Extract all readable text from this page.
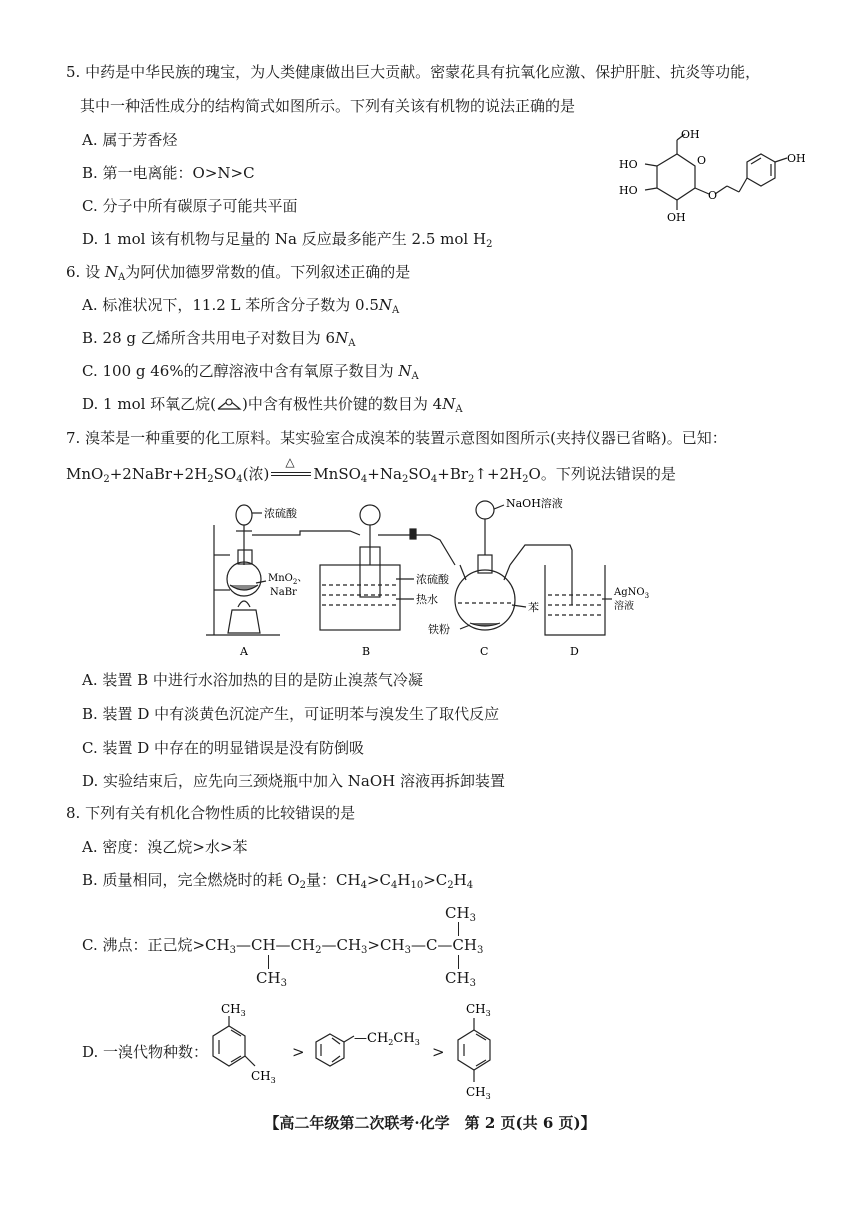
5. 中药是中华民族的瑰宝，为人类健康做出巨大贡献。密蒙花具有抗氧化应激、保护肝脏、抗炎等功能，
其中一种活性成分的结构简式如图所示。下列有关该有机物的说法正确的是
A. 属于芳香烃
B. 第一电离能：O>N>C
C. 分子中所有碳原子可能共平面
D. 1 mol 该有机物与足量的 Na 反应最多能产生 2.5 mol $H_2$
OH
HO
HO
OH
O
O
OH
6. 设 $N_A$为阿伏加德罗常数的值。下列叙述正确的是
A. 标准状况下，11.2 L 苯所含分子数为 $0.5N_A$
B. 28 g 乙烯所含共用电子对数目为 $6N_A$
C. 100 g 46%的乙醇溶液中含有氧原子数目为 $N_A$
D. 1 mol 环氧乙烷( )中含有极性共价键的数目为 $4N_A$
7. 溴苯是一种重要的化工原料。某实验室合成溴苯的装置示意图如图所示(夹持仪器已省略)。已知：
$MnO_2+2NaBr+2H_2SO_4$(浓)
△
$MnSO_4+Na_2SO_4+Br_2↑+2H_2O$。下列说法错误的是
浓硫酸
MnO$_2$、
NaBr
浓硫酸
热水
NaOH溶液
苯
铁粉
AgNO$_3$
溶液
A	B	C	D
A. 装置 B 中进行水浴加热的目的是防止溴蒸气冷凝
B. 装置 D 中有淡黄色沉淀产生，可证明苯与溴发生了取代反应
C. 装置 D 中存在的明显错误是没有防倒吸
D. 实验结束后，应先向三颈烧瓶中加入 NaOH 溶液再拆卸装置
8. 下列有关有机化合物性质的比较错误的是
A. 密度：溴乙烷>水>苯
B. 质量相同，完全燃烧时的耗 $O_2$量：$CH_4>C_4H_{10}>C_2H_4$
$CH_3$
C. 沸点：正己烷$>CH_3—CH—CH_2—CH_3>CH_3—C—CH_3$
$CH_3$	$CH_3$
D. 一溴代物种数：
$CH_3$
$CH_3$
>
$—CH_2CH_3$
>
$CH_3$
$CH_3$
【高二年级第二次联考·化学　第 2 页(共 6 页)】
